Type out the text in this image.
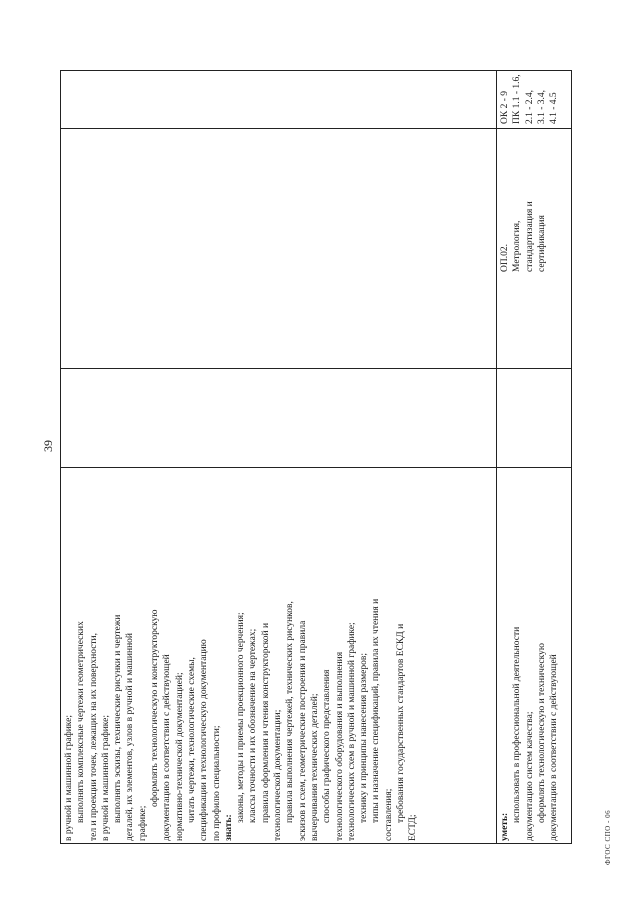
39
ФГОС СПО - 06
в ручной и машинной графике; выполнять комплексные чертежи геометрических тел и проекции точек, лежащих на их поверхности, в ручной и машинной графике; выполнять эскизы, технические рисунки и чертежи деталей, их элементов, узлов в ручной и машинной графике;
оформлять технологическую и конструкторскую документацию в соответствии с действующей нормативно-технической документацией; читать чертежи, технологические схемы, спецификации и технологическую документацию по профилю специальности; знать:
законы, методы и приемы проекционного черчения; классы точности и их обозначение на чертежах; правила оформления и чтения конструкторской и технологической документации; правила выполнения чертежей, технических рисунков, эскизов и схем, геометрические построения и правила вычерчивания технических деталей; способы графического представления технологического оборудования и выполнения технологических схем в ручной и машинной графике; технику и принципы нанесения размеров; типы и назначение спецификаций, правила их чтения и составления; требования государственных стандартов ЕСКД и
ЕСТД;	уметь:
использовать в профессиональной деятельности документацию систем качества; оформлять технологическую и техническую документацию в соответствии с действующей
ОП.02. Метрология, стандартизация и сертификация
ОК 2 - 9 ПК 1.1 - 1.6, 2.1 - 2.4, 3.1 - 3.4, 4.1 - 4.5
